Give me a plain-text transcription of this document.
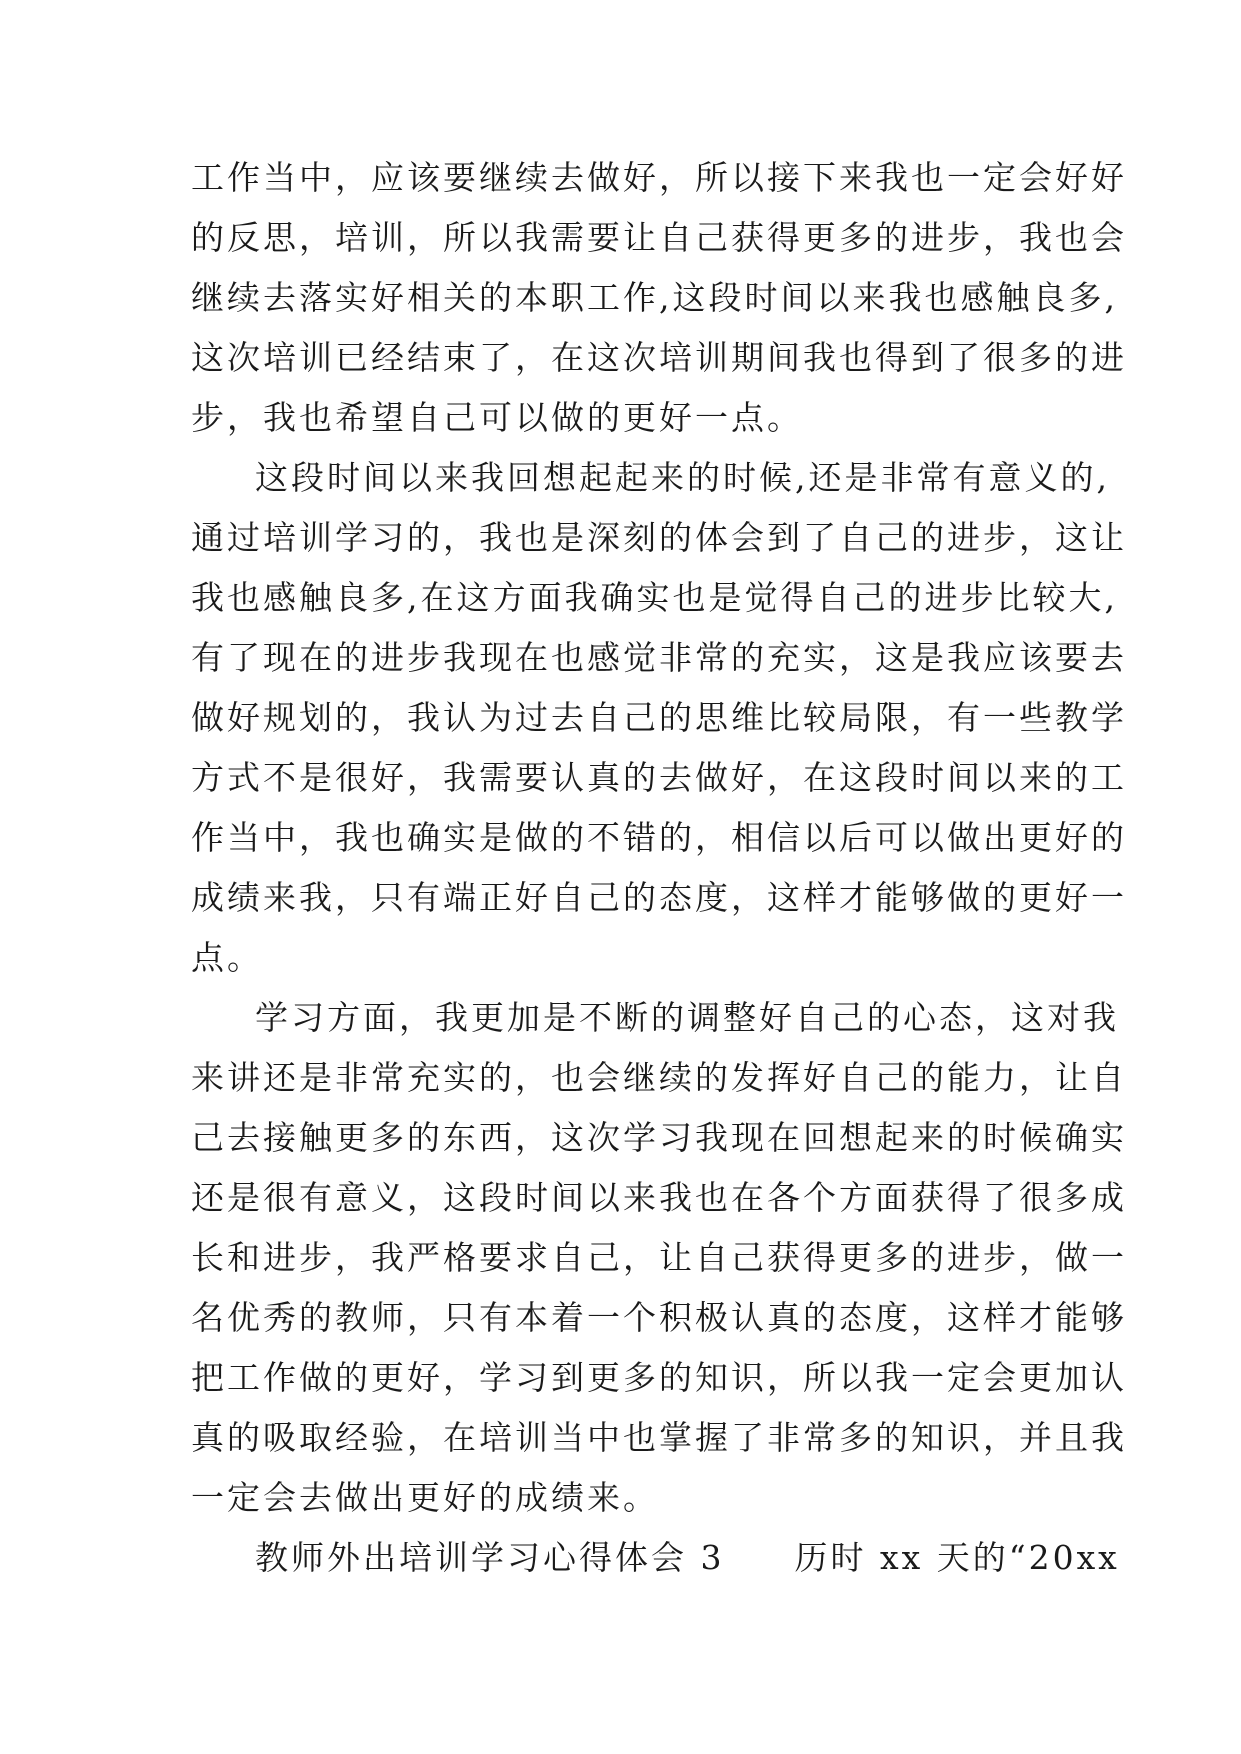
工作当中，应该要继续去做好，所以接下来我也一定会好好
的反思，培训，所以我需要让自己获得更多的进步，我也会
继续去落实好相关的本职工作,这段时间以来我也感触良多,
这次培训已经结束了，在这次培训期间我也得到了很多的进
步，我也希望自己可以做的更好一点。
这段时间以来我回想起起来的时候,还是非常有意义的,
通过培训学习的，我也是深刻的体会到了自己的进步，这让
我也感触良多,在这方面我确实也是觉得自己的进步比较大,
有了现在的进步我现在也感觉非常的充实，这是我应该要去
做好规划的，我认为过去自己的思维比较局限，有一些教学
方式不是很好，我需要认真的去做好，在这段时间以来的工
作当中，我也确实是做的不错的，相信以后可以做出更好的
成绩来我，只有端正好自己的态度，这样才能够做的更好一
点。
学习方面，我更加是不断的调整好自己的心态，这对我
来讲还是非常充实的，也会继续的发挥好自己的能力，让自
己去接触更多的东西，这次学习我现在回想起来的时候确实
还是很有意义，这段时间以来我也在各个方面获得了很多成
长和进步，我严格要求自己，让自己获得更多的进步，做一
名优秀的教师，只有本着一个积极认真的态度，这样才能够
把工作做的更好，学习到更多的知识，所以我一定会更加认
真的吸取经验，在培训当中也掌握了非常多的知识，并且我
一定会去做出更好的成绩来。
教师外出培训学习心得体会 3 历时 xx 天的“20xx
